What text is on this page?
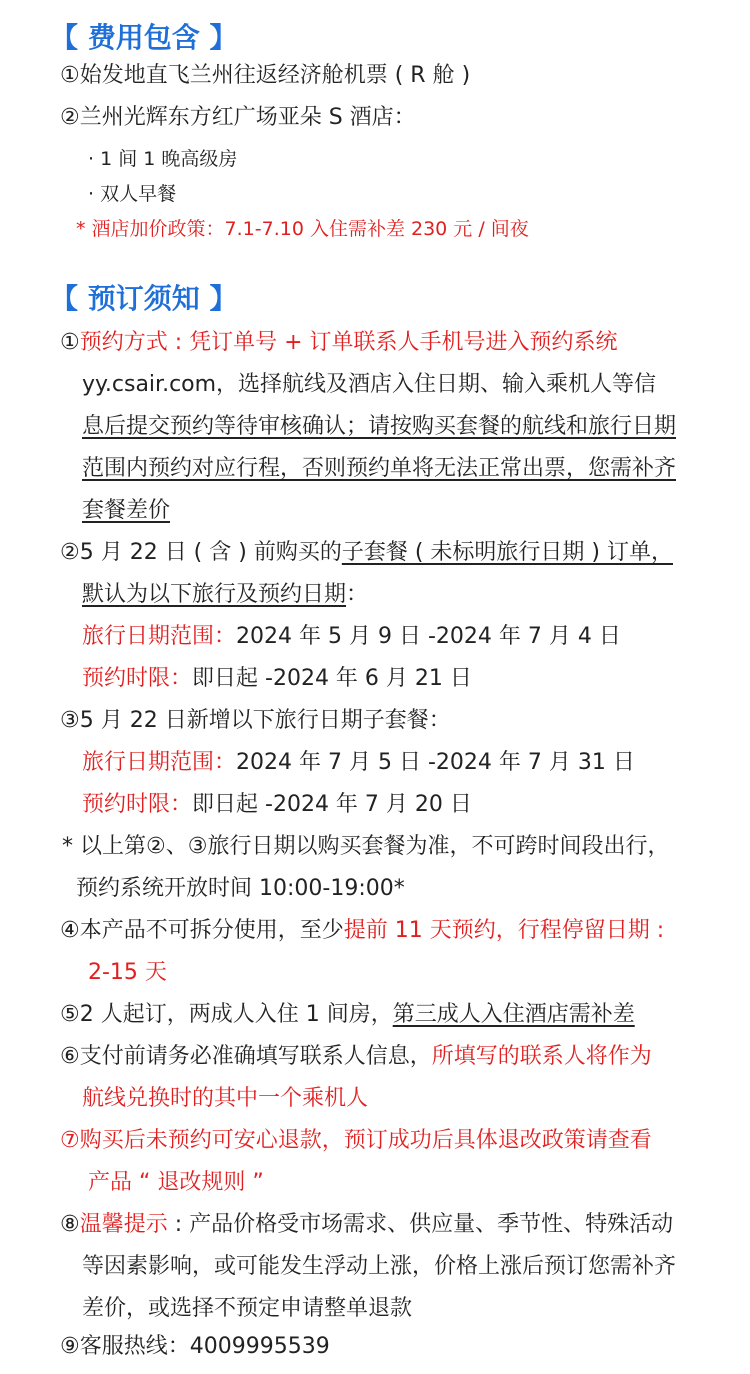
【 费用包含 】
①始发地直飞兰州往返经济舱机票 ( R 舱 )
②兰州光辉东方红广场亚朵 S 酒店：
· 1 间 1 晚高级房
· 双人早餐
* 酒店加价政策：7.1-7.10 入住需补差 230 元 / 间夜
【 预订须知 】
①预约方式 : 凭订单号 + 订单联系人手机号进入预约系统
yy.csair.com，选择航线及酒店入住日期、输入乘机人等信
息后提交预约等待审核确认；请按购买套餐的航线和旅行日期
范围内预约对应行程，否则预约单将无法正常出票，您需补齐
套餐差价
②5 月 22 日 ( 含 ) 前购买的子套餐 ( 未标明旅行日期 ) 订单，
默认为以下旅行及预约日期：
旅行日期范围：2024 年 5 月 9 日 -2024 年 7 月 4 日
预约时限：即日起 -2024 年 6 月 21 日
③5 月 22 日新增以下旅行日期子套餐：
旅行日期范围：2024 年 7 月 5 日 -2024 年 7 月 31 日
预约时限：即日起 -2024 年 7 月 20 日
* 以上第②、③旅行日期以购买套餐为准，不可跨时间段出行，
预约系统开放时间 10:00-19:00*
④本产品不可拆分使用，至少提前 11 天预约，行程停留日期 :
2-15 天
⑤2 人起订，两成人入住 1 间房，第三成人入住酒店需补差
⑥支付前请务必准确填写联系人信息，所填写的联系人将作为
航线兑换时的其中一个乘机人
⑦购买后未预约可安心退款，预订成功后具体退改政策请查看
产品 “ 退改规则 ”
⑧温馨提示 : 产品价格受市场需求、供应量、季节性、特殊活动
等因素影响，或可能发生浮动上涨，价格上涨后预订您需补齐
差价，或选择不预定申请整单退款
⑨客服热线：4009995539
